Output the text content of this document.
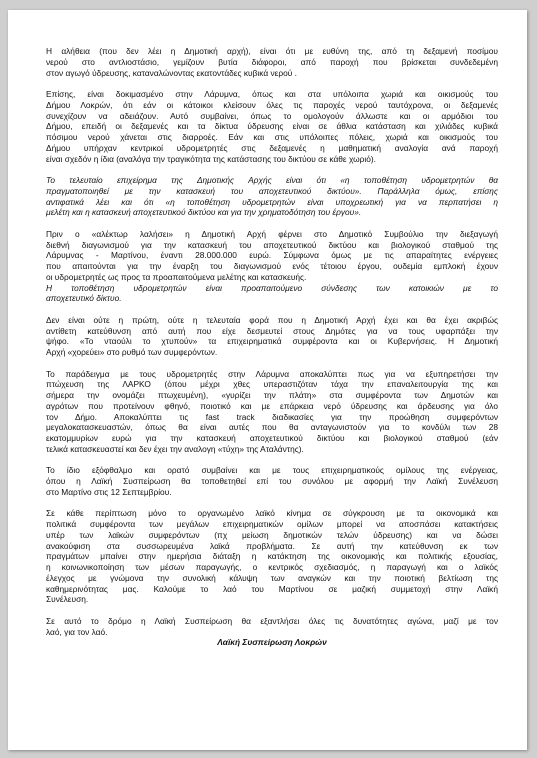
Η αλήθεια (που δεν λέει η Δημοτική αρχή), είναι ότι με ευθύνη της, από τη δεξαμενή ποσίμου
νερού στο αντλιοστάσιο, γεμίζουν βυτία διάφοροι, από παροχή που βρίσκεται συνδεδεμένη
στον αγωγό ύδρευσης, καταναλώνοντας εκατοντάδες κυβικά νερού .
Επίσης, είναι δοκιμασμένο στην Λάρυμνα, όπως και στα υπόλοιπα χωριά και οικισμούς του
Δήμου Λοκρών, ότι εάν οι κάτοικοι κλείσουν όλες τις παροχές νερού ταυτόχρονα, οι δεξαμενές
συνεχίζουν να αδειάζουν. Αυτό συμβαίνει, όπως το ομολογούν άλλωστε και οι αρμόδιοι του
Δήμου, επειδή οι δεξαμενές και τα δίκτυα ύδρευσης είναι σε άθλια κατάσταση και χιλιάδες κυβικά
πόσιμου νερού χάνεται στις διαρροές. Εάν και στις υπόλοιπες πόλεις, χωριά και οικισμούς του
Δήμου υπήρχαν κεντρικοί υδρομετρητές στις δεξαμενές η μαθηματική αναλογία ανά παροχή
είναι σχεδόν η ίδια (αναλόγα την τραγικότητα της κατάστασης του δικτύου σε κάθε χωριό).
Το τελευταίο επιχείρημα της Δημοτικής Αρχής είναι ότι «η τοποθέτηση υδρομετρητών θα
πραγματοποιηθεί με την κατασκευή του αποχετευτικού δικτύου». Παράλληλα όμως, επίσης
αντιφατικά λέει και ότι «η τοποθέτηση υδρομετρητών είναι υποχρεωτική για να περπατήσει η
μελέτη και η κατασκευή αποχετευτικού δικτύου και για την χρηματοδότηση του έργου».
Πριν ο «αλέκτωρ λαλήσει» η Δημοτική Αρχή φέρνει στο Δημοτικό Συμβούλιο την διεξαγωγή
διεθνή διαγωνισμού για την κατασκευή του αποχετευτικού δικτύου και βιολογικού σταθμού της
Λάρυμνας - Μαρτίνου, έναντι 28.000.000 ευρώ. Σύμφωνα όμως με τις απαραίτητες ενέργειες
που απαιτούνται για την έναρξη του διαγωνισμού ενός τέτοιου έργου, ουδεμία εμπλοκή έχουν
οι υδρομετρητές ως προς τα προαπαιτούμενα μελέτης και κατασκευής.
Η τοποθέτηση υδρομετρητών είναι προαπαιτούμενο σύνδεσης των κατοικιών με το
αποχετευτικό δίκτυο.
Δεν είναι ούτε η πρώτη, ούτε η τελευταία φορά που η Δημοτική Αρχή έχει και θα έχει ακριβώς
αντίθετη κατεύθυνση από αυτή που είχε δεσμευτεί στους Δημότες για να τους υφαρπάξει την
ψήφο. «Το νταούλι το χτυπούν» τα επιχειρηματικά συμφέροντα και οι Κυβερνήσεις. Η Δημοτική
Αρχή «χορεύει» στο ρυθμό των συμφερόντων.
Το παράδειγμα με τους υδρομετρητές στην Λάρυμνα αποκαλύπτει πως για να εξυπηρετήσει την
πτώχευση της ΛΑΡΚΟ (όπου μέχρι χθες υπεραστιζόταν τάχα την επαναλειτουργία της και
σήμερα την ονομάζει πτωχευμένη), «γυρίζει την πλάτη» στα συμφέροντα των Δημοτών και
αγρότων που προτείνουν φθηνό, ποιοτικό και με επάρκεια νερό ύδρευσης και άρδευσης για όλο
τον Δήμο. Αποκαλύπτει τις fast track διαδικασίες για την προώθηση συμφερόντων
μεγαλοκατασκευαστών, όπως θα είναι αυτές που θα ανταγωνιστούν για το κονδύλι των 28
εκατομμυρίων ευρώ για την κατασκευή αποχετευτικού δικτύου και βιολογικού σταθμού (εάν
τελικά κατασκευαστεί και δεν έχει την αναλογη «τύχη» της Αταλάντης).
Το ίδιο εξόφθαλμο και ορατό συμβαίνει και με τους επιχειρηματικούς ομίλους της ενέργειας,
όπου η Λαϊκή Συσπείρωση θα τοποθετηθεί επί του συνόλου με αφορμή την Λαϊκή Συνέλευση
στο Μαρτίνο στις 12 Σεπτεμβρίου.
Σε κάθε περίπτωση μόνο το οργανωμένο λαϊκό κίνημα σε σύγκρουση με τα οικονομικά και
πολιτικά συμφέροντα των μεγάλων επιχειρηματικών ομίλων μπορεί να αποσπάσει κατακτήσεις
υπέρ των λαϊκών συμφερόντων (πχ μείωση δημοτικών τελών ύδρευσης) και να δώσει
ανακούφιση στα συσσωρευμένα λαϊκά προβλήματα. Σε αυτή την κατεύθυνση εκ των
πραγμάτων μπαίνει στην ημερήσια διάταξη η κατάκτηση της οικονομικής και πολιτικής εξουσίας,
η κοινωνικοποίηση των μέσων παραγωγής, ο κεντρικός σχεδιασμός, η παραγωγή και ο λαϊκός
έλεγχος με γνώμονα την συνολική κάλυψη των αναγκών και την ποιοτική βελτίωση της
καθημερινότητας μας. Καλούμε το λαό του Μαρτίνου σε μαζική συμμετοχή στην Λαϊκή
Συνέλευση.
Σε αυτό το δρόμο η Λαϊκή Συσπείρωση θα εξαντλήσει όλες τις δυνατότητες αγώνα, μαζί με τον
λαό, για τον λαό.
Λαϊκή Συσπείρωση Λοκρών
